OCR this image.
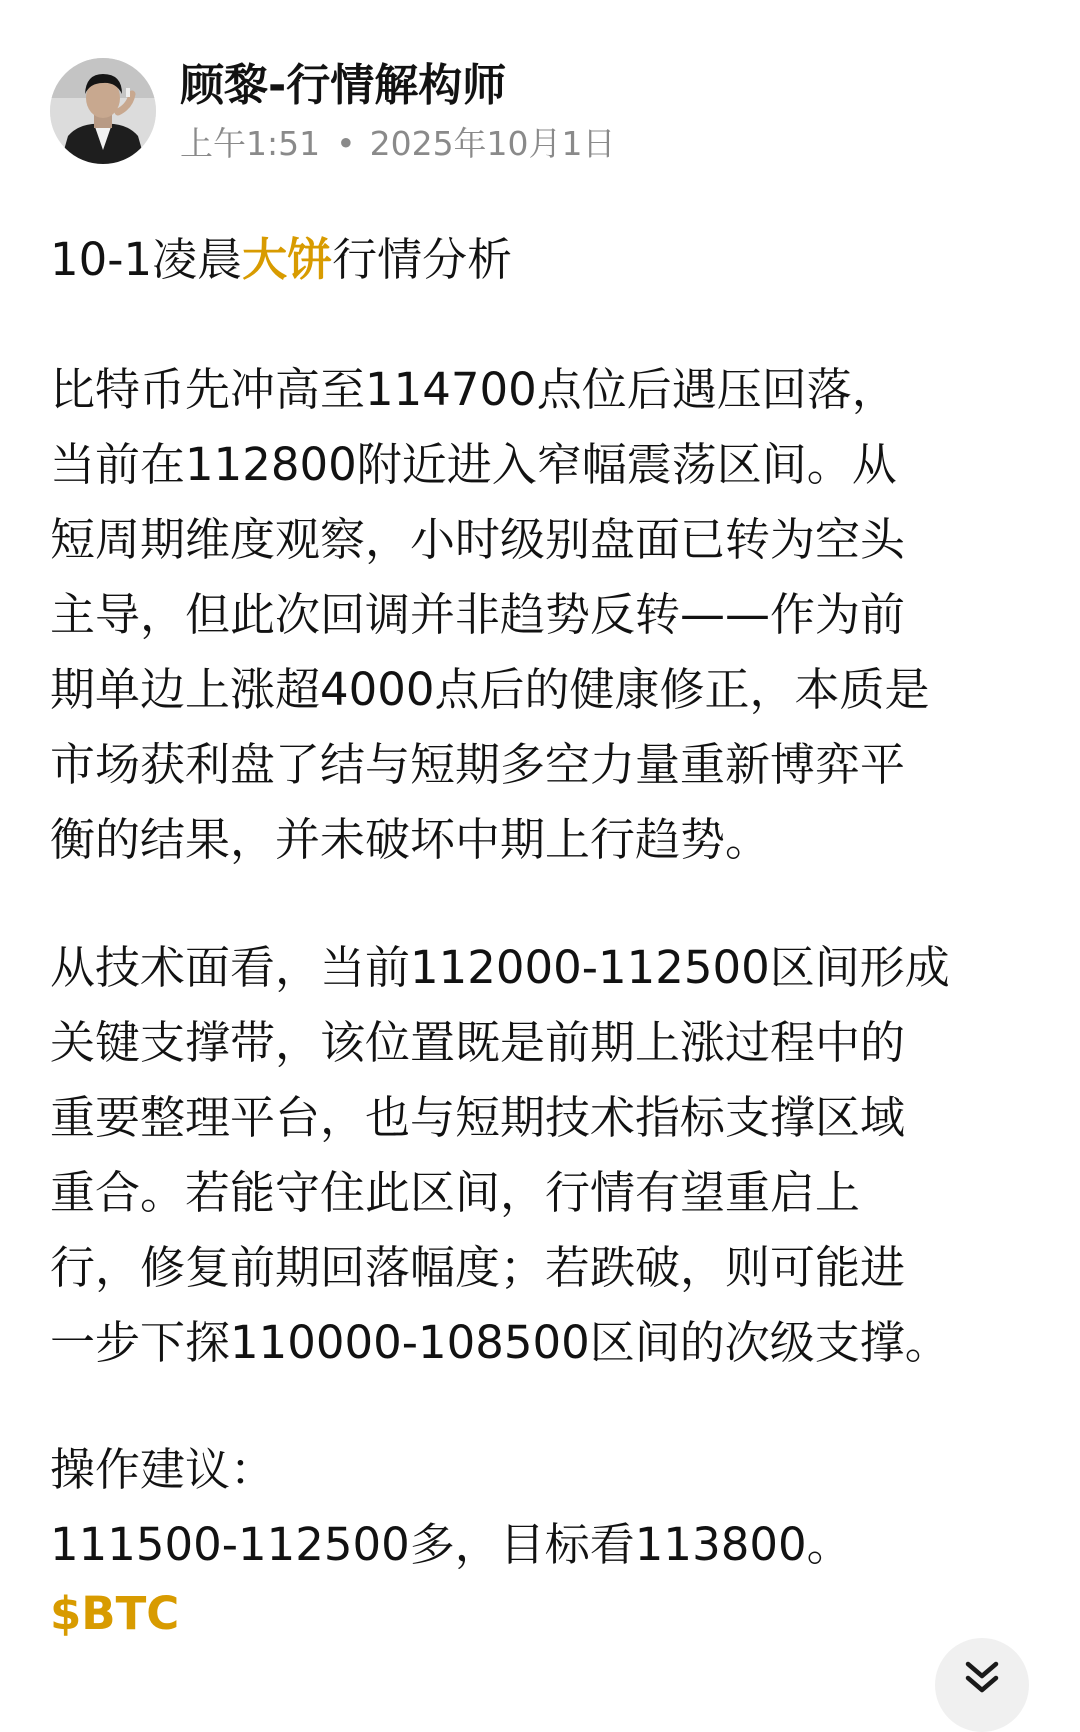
顾黎-行情解构师
上午1:51 • 2025年10月1日
10-1凌晨大饼行情分析
比特币先冲高至114700点位后遇压回落，
当前在112800附近进入窄幅震荡区间。从
短周期维度观察，小时级别盘面已转为空头
主导，但此次回调并非趋势反转——作为前
期单边上涨超4000点后的健康修正，本质是
市场获利盘了结与短期多空力量重新博弈平
衡的结果，并未破坏中期上行趋势。
从技术面看，当前112000-112500区间形成
关键支撑带，该位置既是前期上涨过程中的
重要整理平台，也与短期技术指标支撑区域
重合。若能守住此区间，行情有望重启上
行，修复前期回落幅度；若跌破，则可能进
一步下探110000-108500区间的次级支撑。
操作建议：
111500-112500多，目标看113800。
$BTC
